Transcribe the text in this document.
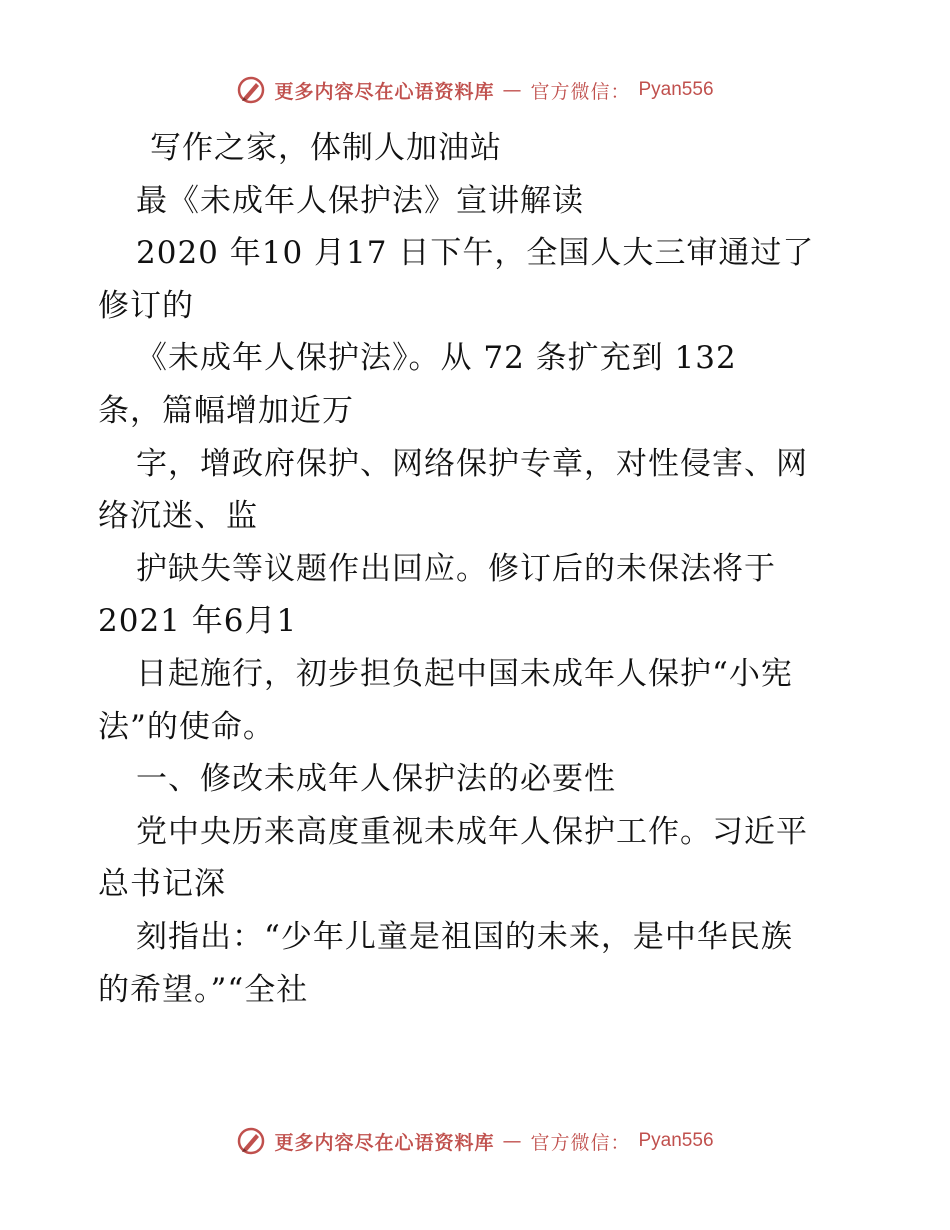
更多内容尽在心语资料库 — 官方微信： Pyan556
写作之家，体制人加油站
最《未成年人保护法》宣讲解读
2020 年10 月17 日下午，全国人大三审通过了
修订的
《未成年人保护法》。从 72 条扩充到 132
条，篇幅增加近万
字，增政府保护、网络保护专章，对性侵害、网
络沉迷、监
护缺失等议题作出回应。修订后的未保法将于
2021 年6月1
日起施行，初步担负起中国未成年人保护“小宪
法”的使命。
一、修改未成年人保护法的必要性
党中央历来高度重视未成年人保护工作。习近平
总书记深
刻指出：“少年儿童是祖国的未来，是中华民族
的希望。”“全社
更多内容尽在心语资料库 — 官方微信： Pyan556
